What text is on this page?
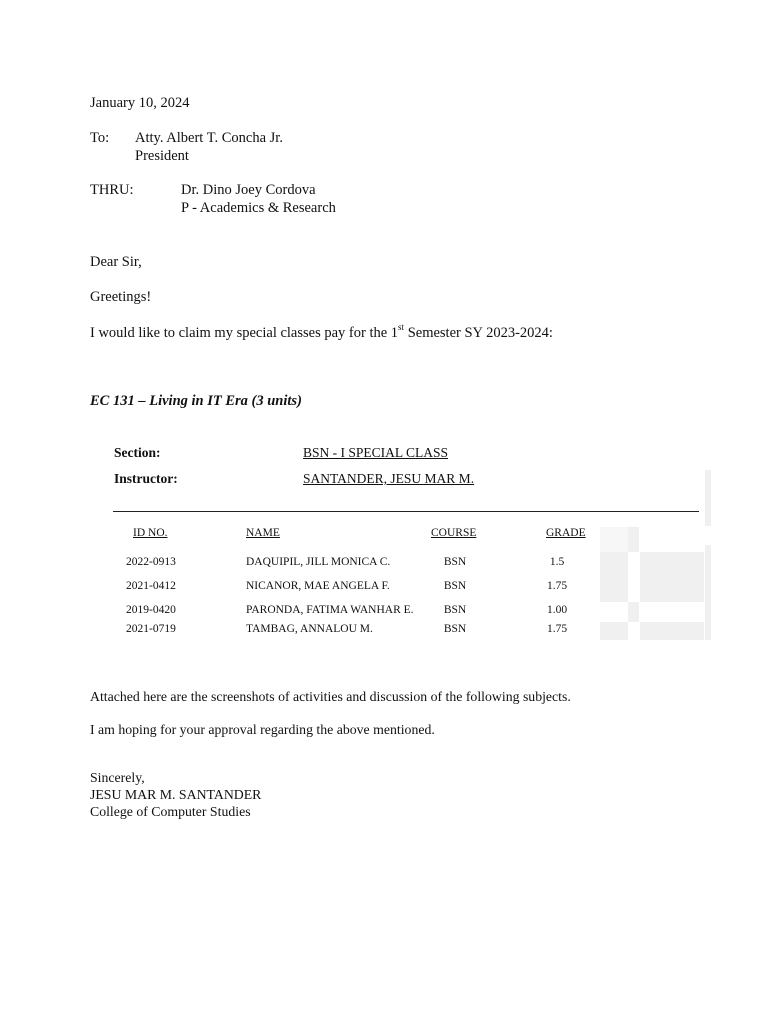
January 10, 2024
To: Atty. Albert T. Concha Jr.
President
THRU:	Dr. Dino Joey Cordova
P - Academics & Research
Dear Sir,
Greetings!
I would like to claim my special classes pay for the 1st Semester SY 2023-2024:
EC 131 – Living in IT Era (3 units)
Section:	BSN - I SPECIAL CLASS
Instructor:	SANTANDER, JESU MAR M.
ID NO.	NAME	COURSE	GRADE
2022-0913	DAQUIPIL, JILL MONICA C.	BSN	1.5
2021-0412	NICANOR, MAE ANGELA F.	BSN	1.75
2019-0420	PARONDA, FATIMA WANHAR E.	BSN	1.00
2021-0719	TAMBAG, ANNALOU M.	BSN	1.75
Attached here are the screenshots of activities and discussion of the following subjects.
I am hoping for your approval regarding the above mentioned.
Sincerely,
JESU MAR M. SANTANDER
College of Computer Studies
